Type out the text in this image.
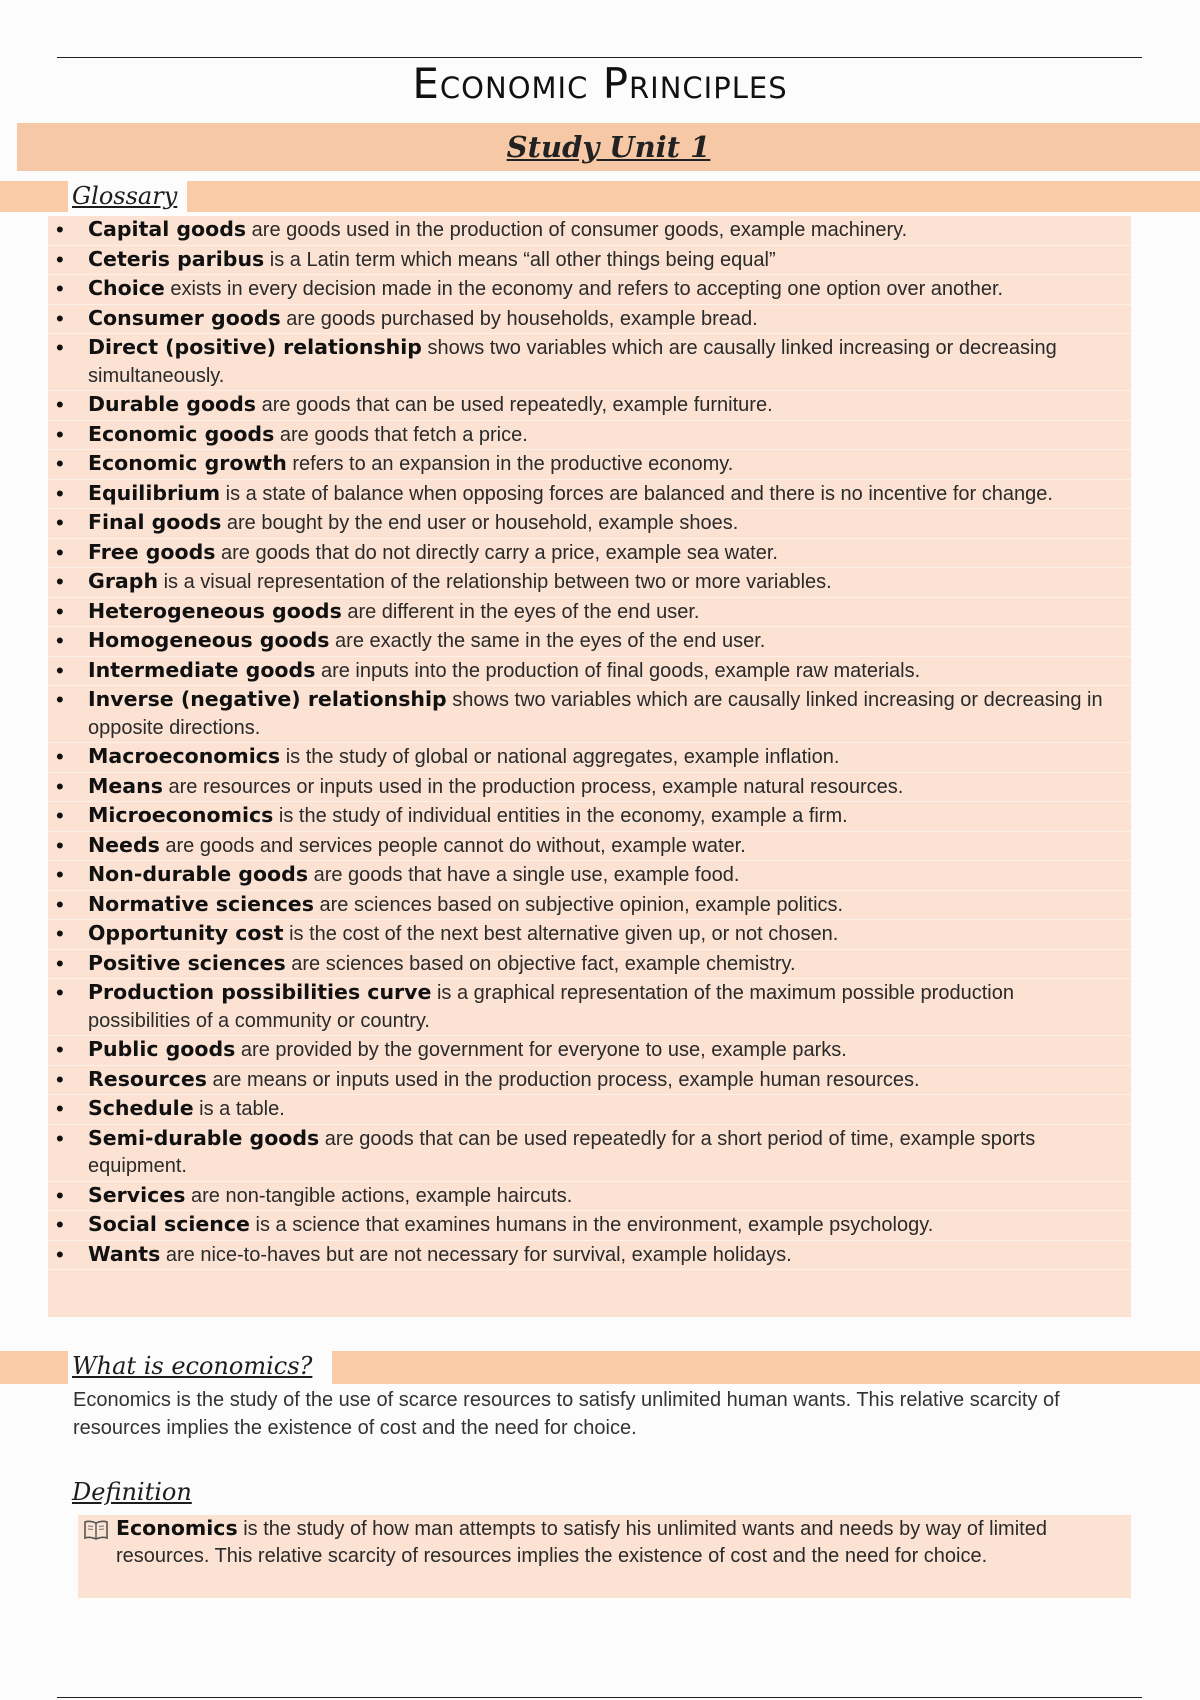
Economic Principles
Study Unit 1
Glossary
• Capital goods are goods used in the production of consumer goods, example machinery.
• Ceteris paribus is a Latin term which means “all other things being equal”
• Choice exists in every decision made in the economy and refers to accepting one option over another.
• Consumer goods are goods purchased by households, example bread.
• Direct (positive) relationship shows two variables which are causally linked increasing or decreasing simultaneously.
• Durable goods are goods that can be used repeatedly, example furniture.
• Economic goods are goods that fetch a price.
• Economic growth refers to an expansion in the productive economy.
• Equilibrium is a state of balance when opposing forces are balanced and there is no incentive for change.
• Final goods are bought by the end user or household, example shoes.
• Free goods are goods that do not directly carry a price, example sea water.
• Graph is a visual representation of the relationship between two or more variables.
• Heterogeneous goods are different in the eyes of the end user.
• Homogeneous goods are exactly the same in the eyes of the end user.
• Intermediate goods are inputs into the production of final goods, example raw materials.
• Inverse (negative) relationship shows two variables which are causally linked increasing or decreasing in opposite directions.
• Macroeconomics is the study of global or national aggregates, example inflation.
• Means are resources or inputs used in the production process, example natural resources.
• Microeconomics is the study of individual entities in the economy, example a firm.
• Needs are goods and services people cannot do without, example water.
• Non-durable goods are goods that have a single use, example food.
• Normative sciences are sciences based on subjective opinion, example politics.
• Opportunity cost is the cost of the next best alternative given up, or not chosen.
• Positive sciences are sciences based on objective fact, example chemistry.
• Production possibilities curve is a graphical representation of the maximum possible production possibilities of a community or country.
• Public goods are provided by the government for everyone to use, example parks.
• Resources are means or inputs used in the production process, example human resources.
• Schedule is a table.
• Semi-durable goods are goods that can be used repeatedly for a short period of time, example sports equipment.
• Services are non-tangible actions, example haircuts.
• Social science is a science that examines humans in the environment, example psychology.
• Wants are nice-to-haves but are not necessary for survival, example holidays.
What is economics?
Economics is the study of the use of scarce resources to satisfy unlimited human wants. This relative scarcity of resources implies the existence of cost and the need for choice.
Definition
Economics is the study of how man attempts to satisfy his unlimited wants and needs by way of limited resources. This relative scarcity of resources implies the existence of cost and the need for choice.
